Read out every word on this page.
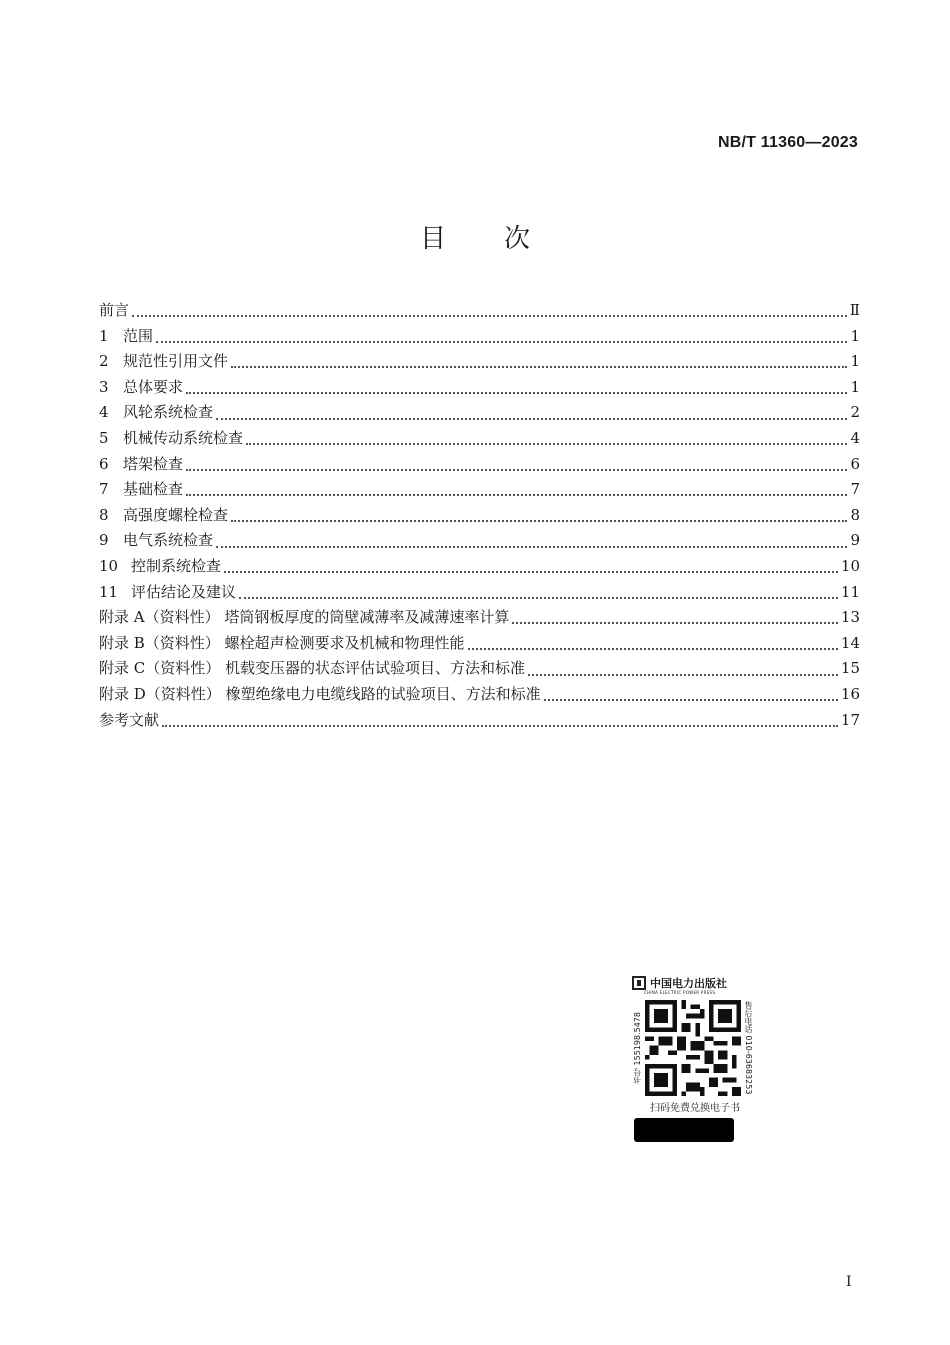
NB/T 11360—2023
目次
前言	Ⅱ
1 范围	1
2 规范性引用文件	1
3 总体要求	1
4 风轮系统检查	2
5 机械传动系统检查	4
6 塔架检查	6
7 基础检查	7
8 高强度螺栓检查	8
9 电气系统检查	9
10 控制系统检查	10
11 评估结论及建议	11
附录 A（资料性） 塔筒钢板厚度的筒壁减薄率及减薄速率计算	13
附录 B（资料性） 螺栓超声检测要求及机械和物理性能	14
附录 C（资料性） 机载变压器的状态评估试验项目、方法和标准	15
附录 D（资料性） 橡塑绝缘电力电缆线路的试验项目、方法和标准	16
参考文献	17
中国电力出版社
CHINA ELECTRIC POWER PRESS
书号 155198.5478	售后电话 010-63683253
扫码免费兑换电子书
I
